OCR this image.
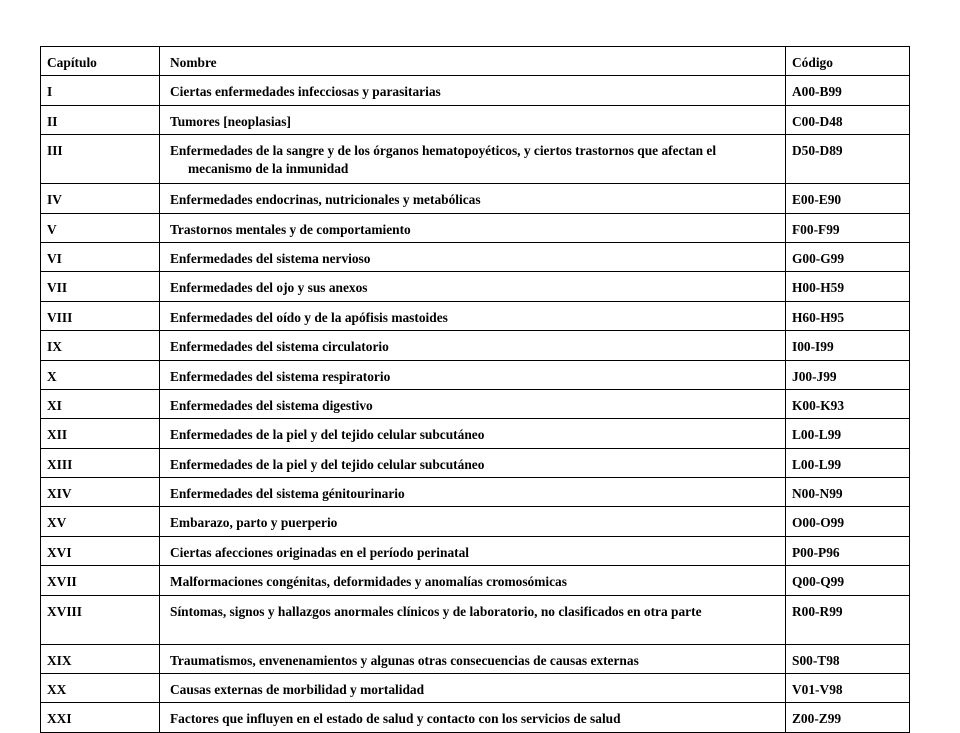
Capítulo	Nombre	Código
I	Ciertas enfermedades infecciosas y parasitarias	A00-B99
II	Tumores [neoplasias]	C00-D48
III	Enfermedades de la sangre y de los órganos hematopoyéticos, y ciertos trastornos que afectan el mecanismo de la inmunidad	D50-D89
IV	Enfermedades endocrinas, nutricionales y metabólicas	E00-E90
V	Trastornos mentales y de comportamiento	F00-F99
VI	Enfermedades del sistema nervioso	G00-G99
VII	Enfermedades del ojo y sus anexos	H00-H59
VIII	Enfermedades del oído y de la apófisis mastoides	H60-H95
IX	Enfermedades del sistema circulatorio	I00-I99
X	Enfermedades del sistema respiratorio	J00-J99
XI	Enfermedades del sistema digestivo	K00-K93
XII	Enfermedades de la piel y del tejido celular subcutáneo	L00-L99
XIII	Enfermedades de la piel y del tejido celular subcutáneo	L00-L99
XIV	Enfermedades del sistema génitourinario	N00-N99
XV	Embarazo, parto y puerperio	O00-O99
XVI	Ciertas afecciones originadas en el período perinatal	P00-P96
XVII	Malformaciones congénitas, deformidades y anomalías cromosómicas	Q00-Q99
XVIII	Síntomas, signos y hallazgos anormales clínicos y de laboratorio, no clasificados en otra parte	R00-R99
XIX	Traumatismos, envenenamientos y algunas otras consecuencias de causas externas	S00-T98
XX	Causas externas de morbilidad y mortalidad	V01-V98
XXI	Factores que influyen en el estado de salud y contacto con los servicios de salud	Z00-Z99
